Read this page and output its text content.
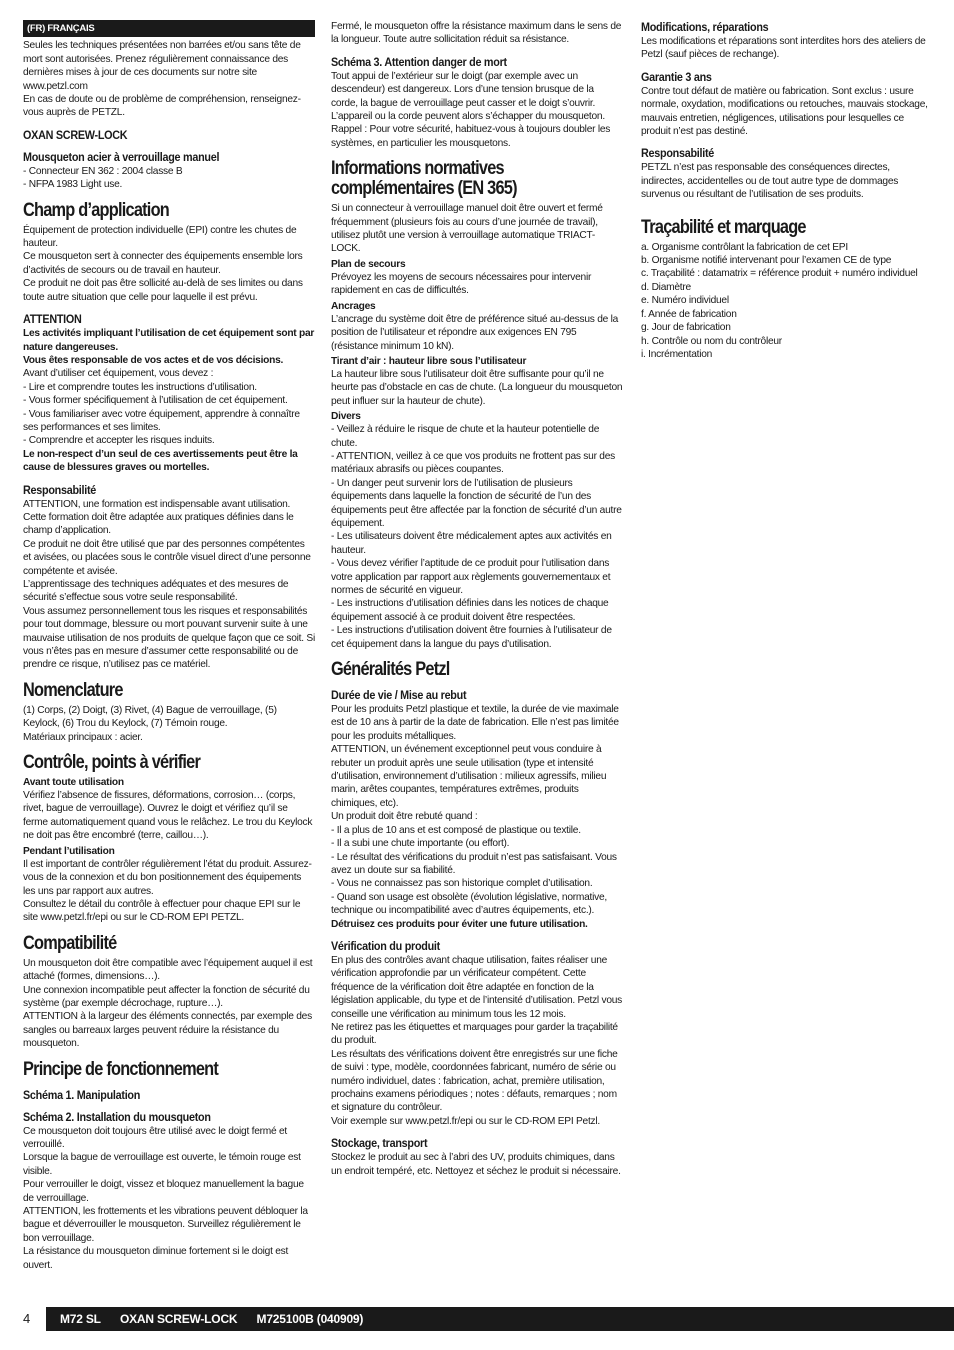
(FR) FRANÇAIS

Seules les techniques présentées non barrées et/ou sans tête de mort sont autorisées. Prenez régulièrement connaissance des dernières mises à jour de ces documents sur notre site www.petzl.com

En cas de doute ou de problème de compréhension, renseignez-vous auprès de PETZL.

OXAN SCREW-LOCK
Mousqueton acier à verrouillage manuel

- Connecteur EN 362 : 2004 classe B

- NFPA 1983 Light use.

Champ d’application

Équipement de protection individuelle (EPI) contre les chutes de hauteur.

Ce mousqueton sert à connecter des équipements ensemble lors d’activités de secours ou de travail en hauteur.

Ce produit ne doit pas être sollicité au-delà de ses limites ou dans toute autre situation que celle pour laquelle il est prévu.

ATTENTION

Les activités impliquant l’utilisation de cet équipement sont par nature dangereuses.

Vous êtes responsable de vos actes et de vos décisions.

Avant d’utiliser cet équipement, vous devez :

- Lire et comprendre toutes les instructions d’utilisation.

- Vous former spécifiquement à l’utilisation de cet équipement.

- Vous familiariser avec votre équipement, apprendre à connaître ses performances et ses limites.

- Comprendre et accepter les risques induits.

Le non-respect d’un seul de ces avertissements peut être la cause de blessures graves ou mortelles.

Responsabilité

ATTENTION, une formation est indispensable avant utilisation. Cette formation doit être adaptée aux pratiques définies dans le champ d’application.

Ce produit ne doit être utilisé que par des personnes compétentes et avisées, ou placées sous le contrôle visuel direct d’une personne compétente et avisée.

L’apprentissage des techniques adéquates et des mesures de sécurité s’effectue sous votre seule responsabilité.

Vous assumez personnellement tous les risques et responsabilités pour tout dommage, blessure ou mort pouvant survenir suite à une mauvaise utilisation de nos produits de quelque façon que ce soit. Si vous n’êtes pas en mesure d’assumer cette responsabilité ou de prendre ce risque, n’utilisez pas ce matériel.

Nomenclature

(1) Corps, (2) Doigt, (3) Rivet, (4) Bague de verrouillage, (5) Keylock, (6) Trou du Keylock, (7) Témoin rouge.

Matériaux principaux : acier.

Contrôle, points à vérifier
Avant toute utilisation

Vérifiez l’absence de fissures, déformations, corrosion… (corps, rivet, bague de verrouillage). Ouvrez le doigt et vérifiez qu’il se ferme automatiquement quand vous le relâchez. Le trou du Keylock ne doit pas être encombré (terre, caillou…).

Pendant l’utilisation

Il est important de contrôler régulièrement l’état du produit. Assurez-vous de la connexion et du bon positionnement des équipements les uns par rapport aux autres.

Consultez le détail du contrôle à effectuer pour chaque EPI sur le site www.petzl.fr/epi ou sur le CD-ROM EPI PETZL.

Compatibilité

Un mousqueton doit être compatible avec l’équipement auquel il est attaché (formes, dimensions…).

Une connexion incompatible peut affecter la fonction de sécurité du système (par exemple décrochage, rupture…).

ATTENTION à la largeur des éléments connectés, par exemple des sangles ou barreaux larges peuvent réduire la résistance du mousqueton.

Principe de fonctionnement
Schéma 1. Manipulation
Schéma 2. Installation du mousqueton

Ce mousqueton doit toujours être utilisé avec le doigt fermé et verrouillé.

Lorsque la bague de verrouillage est ouverte, le témoin rouge est visible.

Pour verrouiller le doigt, vissez et bloquez manuellement la bague de verrouillage.

ATTENTION, les frottements et les vibrations peuvent débloquer la bague et déverrouiller le mousqueton. Surveillez régulièrement le bon verrouillage.

La résistance du mousqueton diminue fortement si le doigt est ouvert.

Fermé, le mousqueton offre la résistance maximum dans le sens de la longueur. Toute autre sollicitation réduit sa résistance.

Schéma 3. Attention danger de mort

Tout appui de l’extérieur sur le doigt (par exemple avec un descendeur) est dangereux. Lors d’une tension brusque de la corde, la bague de verrouillage peut casser et le doigt s’ouvrir. L’appareil ou la corde peuvent alors s’échapper du mousqueton. Rappel : Pour votre sécurité, habituez-vous à toujours doubler les systèmes, en particulier les mousquetons.

Informations normatives complémentaires (EN 365)

Si un connecteur à verrouillage manuel doit être ouvert et fermé fréquemment (plusieurs fois au cours d’une journée de travail), utilisez plutôt une version à verrouillage automatique TRIACT-LOCK.

Plan de secours

Prévoyez les moyens de secours nécessaires pour intervenir rapidement en cas de difficultés.

Ancrages

L’ancrage du système doit être de préférence situé au-dessus de la position de l’utilisateur et répondre aux exigences EN 795 (résistance minimum 10 kN).

Tirant d’air : hauteur libre sous l’utilisateur

La hauteur libre sous l’utilisateur doit être suffisante pour qu’il ne heurte pas d’obstacle en cas de chute. (La longueur du mousqueton peut influer sur la hauteur de chute).

Divers

- Veillez à réduire le risque de chute et la hauteur potentielle de chute.

- ATTENTION, veillez à ce que vos produits ne frottent pas sur des matériaux abrasifs ou pièces coupantes.

- Un danger peut survenir lors de l’utilisation de plusieurs équipements dans laquelle la fonction de sécurité de l’un des équipements peut être affectée par la fonction de sécurité d’un autre équipement.

- Les utilisateurs doivent être médicalement aptes aux activités en hauteur.

- Vous devez vérifier l’aptitude de ce produit pour l’utilisation dans votre application par rapport aux règlements gouvernementaux et normes de sécurité en vigueur.

- Les instructions d’utilisation définies dans les notices de chaque équipement associé à ce produit doivent être respectées.

- Les instructions d’utilisation doivent être fournies à l’utilisateur de cet équipement dans la langue du pays d’utilisation.

Généralités Petzl
Durée de vie / Mise au rebut

Pour les produits Petzl plastique et textile, la durée de vie maximale est de 10 ans à partir de la date de fabrication. Elle n’est pas limitée pour les produits métalliques.

ATTENTION, un événement exceptionnel peut vous conduire à rebuter un produit après une seule utilisation (type et intensité d’utilisation, environnement d’utilisation : milieux agressifs, milieu marin, arêtes coupantes, températures extrêmes, produits chimiques, etc).

Un produit doit être rebuté quand :

- Il a plus de 10 ans et est composé de plastique ou textile.

- Il a subi une chute importante (ou effort).

- Le résultat des vérifications du produit n’est pas satisfaisant. Vous avez un doute sur sa fiabilité.

- Vous ne connaissez pas son historique complet d’utilisation.

- Quand son usage est obsolète (évolution législative, normative, technique ou incompatibilité avec d’autres équipements, etc.).

Détruisez ces produits pour éviter une future utilisation.

Vérification du produit

En plus des contrôles avant chaque utilisation, faites réaliser une vérification approfondie par un vérificateur compétent. Cette fréquence de la vérification doit être adaptée en fonction de la législation applicable, du type et de l’intensité d’utilisation. Petzl vous conseille une vérification au minimum tous les 12 mois.

Ne retirez pas les étiquettes et marquages pour garder la traçabilité du produit.

Les résultats des vérifications doivent être enregistrés sur une fiche de suivi : type, modèle, coordonnées fabricant, numéro de série ou numéro individuel, dates : fabrication, achat, première utilisation, prochains examens périodiques ; notes : défauts, remarques ; nom et signature du contrôleur.

Voir exemple sur www.petzl.fr/epi ou sur le CD-ROM EPI Petzl.

Stockage, transport

Stockez le produit au sec à l’abri des UV, produits chimiques, dans un endroit tempéré, etc. Nettoyez et séchez le produit si nécessaire.

Modifications, réparations

Les modifications et réparations sont interdites hors des ateliers de Petzl (sauf pièces de rechange).

Garantie 3 ans

Contre tout défaut de matière ou fabrication. Sont exclus : usure normale, oxydation, modifications ou retouches, mauvais stockage, mauvais entretien, négligences, utilisations pour lesquelles ce produit n’est pas destiné.

Responsabilité

PETZL n’est pas responsable des conséquences directes, indirectes, accidentelles ou de tout autre type de dommages survenus ou résultant de l’utilisation de ses produits.

Traçabilité et marquage

a. Organisme contrôlant la fabrication de cet EPI

b. Organisme notifié intervenant pour l’examen CE de type

c. Traçabilité : datamatrix = référence produit + numéro individuel

d. Diamètre

e. Numéro individuel

f. Année de fabrication

g. Jour de fabrication

h. Contrôle ou nom du contrôleur

i. Incrémentation

4	M72 SL OXAN SCREW-LOCK M725100B (040909)
